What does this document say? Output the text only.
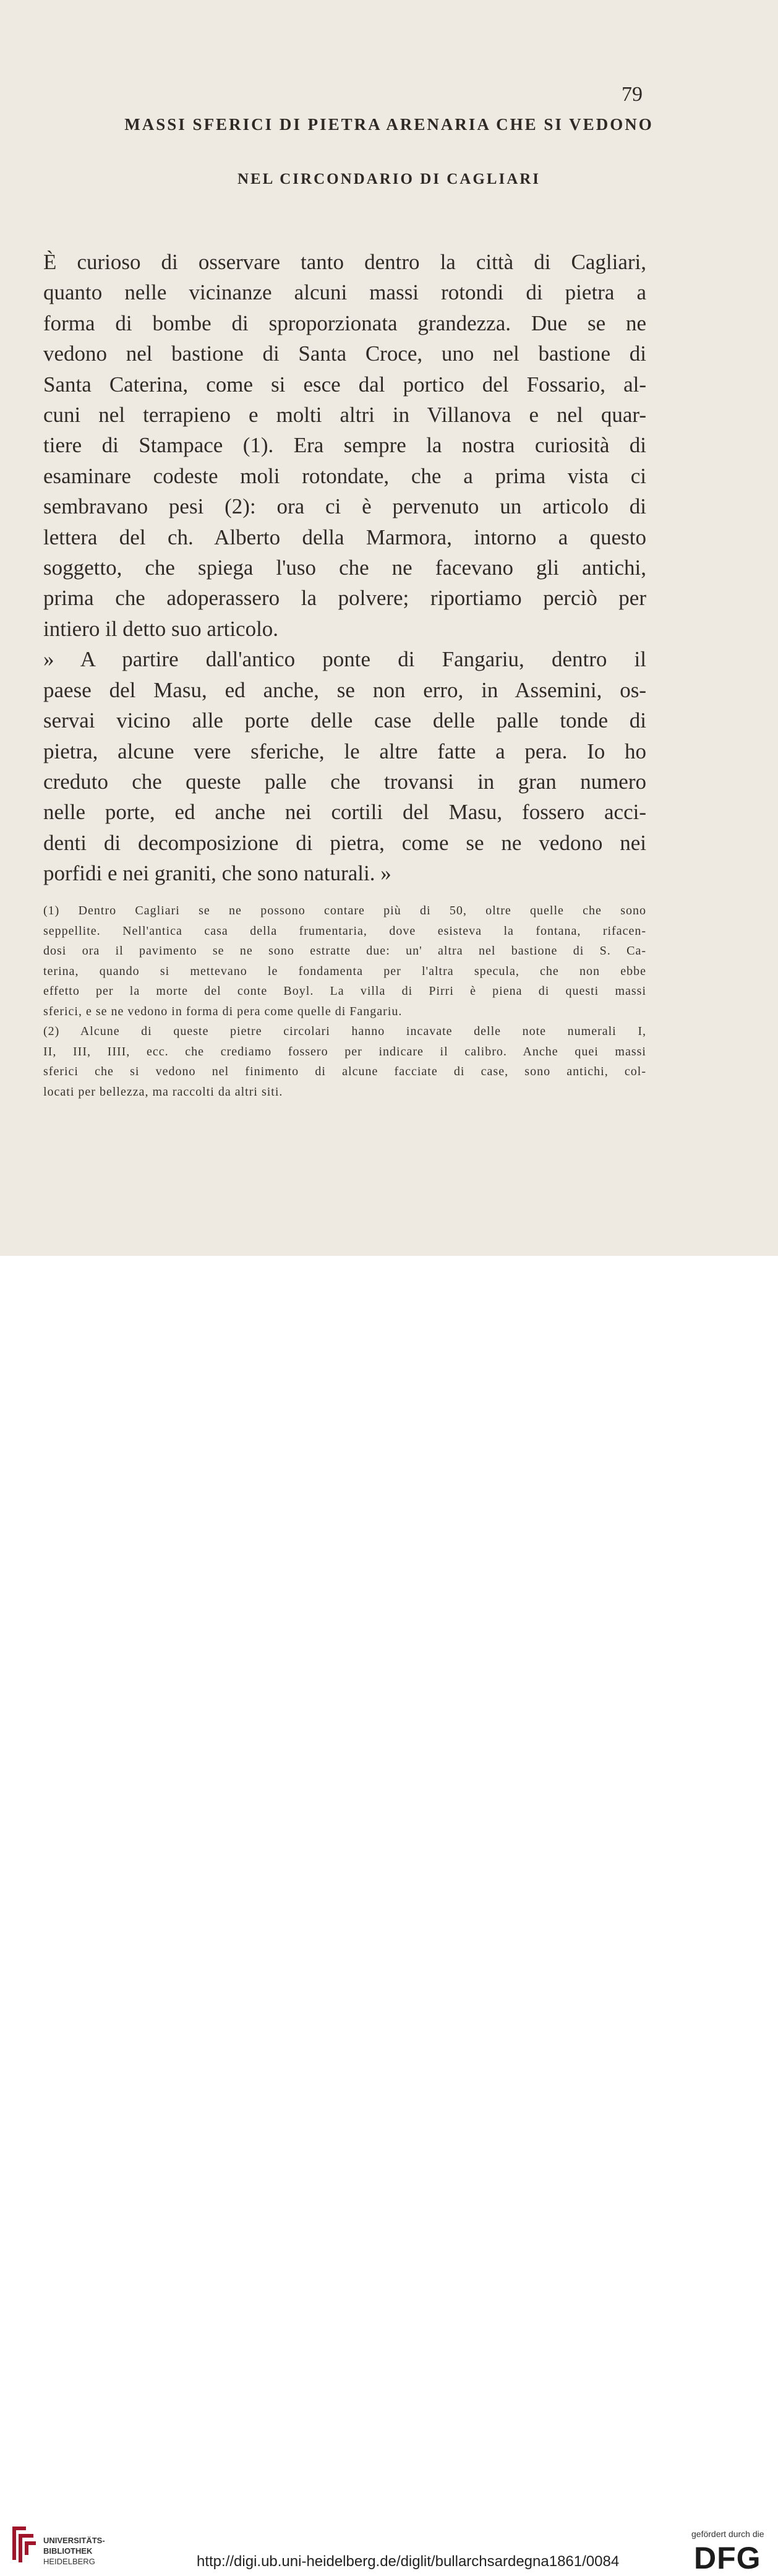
79
MASSI SFERICI DI PIETRA ARENARIA CHE SI VEDONO
NEL CIRCONDARIO DI CAGLIARI
È curioso di osservare tanto dentro la città di Cagliari,
quanto nelle vicinanze alcuni massi rotondi di pietra a
forma di bombe di sproporzionata grandezza. Due se ne
vedono nel bastione di Santa Croce, uno nel bastione di
Santa Caterina, come si esce dal portico del Fossario, al-
cuni nel terrapieno e molti altri in Villanova e nel quar-
tiere di Stampace (1). Era sempre la nostra curiosità di
esaminare codeste moli rotondate, che a prima vista ci
sembravano pesi (2): ora ci è pervenuto un articolo di
lettera del ch. Alberto della Marmora, intorno a questo
soggetto, che spiega l'uso che ne facevano gli antichi,
prima che adoperassero la polvere; riportiamo perciò per
intiero il detto suo articolo.
» A partire dall'antico ponte di Fangariu, dentro il
paese del Masu, ed anche, se non erro, in Assemini, os-
servai vicino alle porte delle case delle palle tonde di
pietra, alcune vere sferiche, le altre fatte a pera. Io ho
creduto che queste palle che trovansi in gran numero
nelle porte, ed anche nei cortili del Masu, fossero acci-
denti di decomposizione di pietra, come se ne vedono nei
porfidi e nei graniti, che sono naturali. »
(1) Dentro Cagliari se ne possono contare più di 50, oltre quelle che sono
seppellite. Nell'antica casa della frumentaria, dove esisteva la fontana, rifacen-
dosi ora il pavimento se ne sono estratte due: un' altra nel bastione di S. Ca-
terina, quando si mettevano le fondamenta per l'altra specula, che non ebbe
effetto per la morte del conte Boyl. La villa di Pirri è piena di questi massi
sferici, e se ne vedono in forma di pera come quelle di Fangariu.
(2) Alcune di queste pietre circolari hanno incavate delle note numerali I,
II, III, IIII, ecc. che crediamo fossero per indicare il calibro. Anche quei massi
sferici che si vedono nel finimento di alcune facciate di case, sono antichi, col-
locati per bellezza, ma raccolti da altri siti.
UNIVERSITÄTS-
BIBLIOTHEK
HEIDELBERG	http://digi.ub.uni-heidelberg.de/diglit/bullarchsardegna1861/0084
gefördert durch die
DFG
